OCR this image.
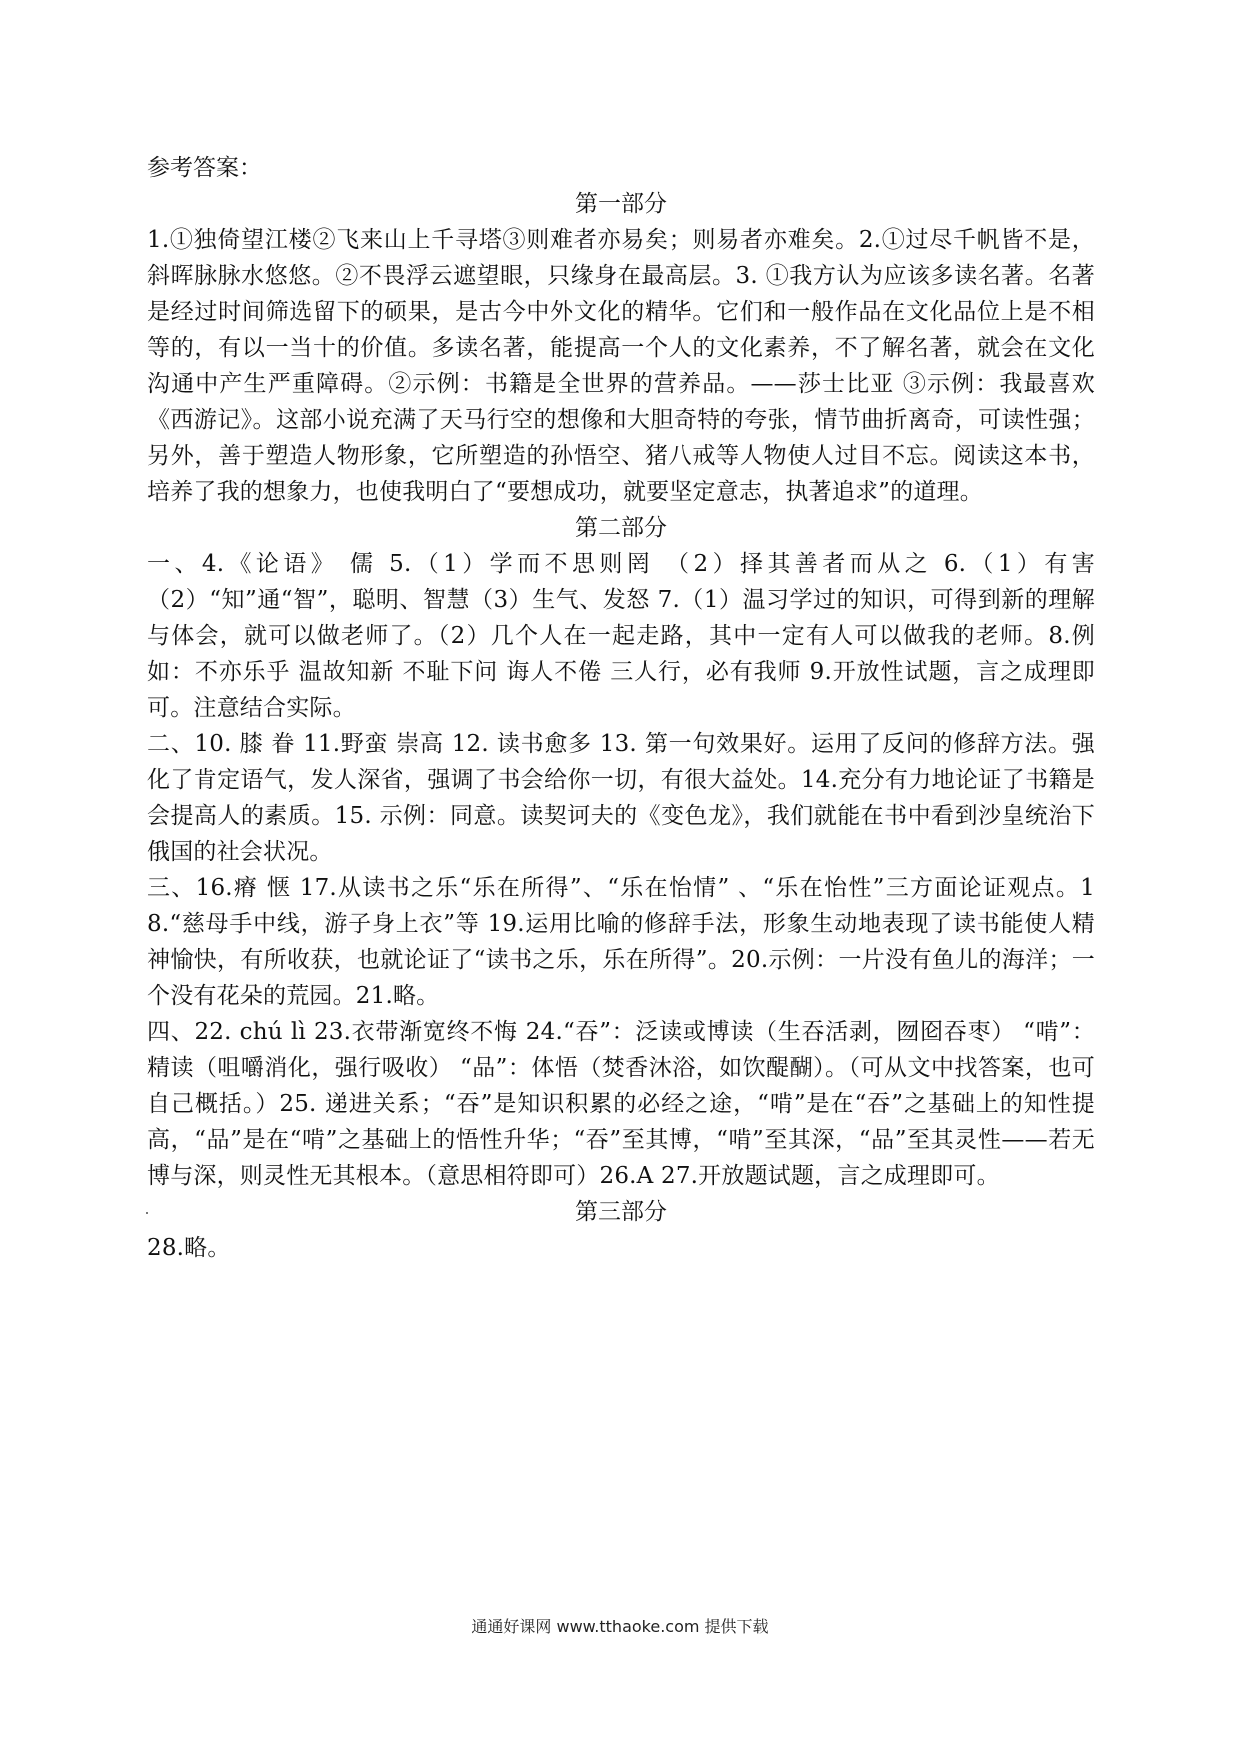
参考答案：

第一部分

1.①独倚望江楼②飞来山上千寻塔③则难者亦易矣；则易者亦难矣。2.①过尽千帆皆不是，斜晖脉脉水悠悠。②不畏浮云遮望眼，只缘身在最高层。3. ①我方认为应该多读名著。名著是经过时间筛选留下的硕果，是古今中外文化的精华。它们和一般作品在文化品位上是不相等的，有以一当十的价值。多读名著，能提高一个人的文化素养，不了解名著，就会在文化沟通中产生严重障碍。②示例：书籍是全世界的营养品。——莎士比亚 ③示例：我最喜欢《西游记》。这部小说充满了天马行空的想像和大胆奇特的夸张，情节曲折离奇，可读性强；另外，善于塑造人物形象，它所塑造的孙悟空、猪八戒等人物使人过目不忘。阅读这本书，培养了我的想象力，也使我明白了“要想成功，就要坚定意志，执著追求”的道理。

第二部分

一、4.《论语》 儒 5.（1）学而不思则罔 （2）择其善者而从之 6.（1）有害（2）“知”通“智”，聪明、智慧（3）生气、发怒 7.（1）温习学过的知识，可得到新的理解与体会，就可以做老师了。（2）几个人在一起走路，其中一定有人可以做我的老师。8.例如：不亦乐乎 温故知新 不耻下问 诲人不倦 三人行，必有我师 9.开放性试题，言之成理即可。注意结合实际。

二、10. 膝 眷 11.野蛮 崇高 12. 读书愈多 13. 第一句效果好。运用了反问的修辞方法。强化了肯定语气，发人深省，强调了书会给你一切，有很大益处。14.充分有力地论证了书籍是会提高人的素质。15. 示例：同意。读契诃夫的《变色龙》，我们就能在书中看到沙皇统治下俄国的社会状况。

三、16.瘠 惬 17.从读书之乐“乐在所得”、“乐在怡情” 、“乐在怡性”三方面论证观点。18.“慈母手中线，游子身上衣”等 19.运用比喻的修辞手法，形象生动地表现了读书能使人精神愉快，有所收获，也就论证了“读书之乐，乐在所得”。20.示例：一片没有鱼儿的海洋；一个没有花朵的荒园。21.略。

四、22. chú lì 23.衣带渐宽终不悔 24.“吞”：泛读或博读（生吞活剥，囫囵吞枣） “啃”：精读（咀嚼消化，强行吸收） “品”：体悟（焚香沐浴，如饮醍醐）。（可从文中找答案，也可自己概括。）25. 递进关系；“吞”是知识积累的必经之途，“啃”是在“吞”之基础上的知性提高，“品”是在“啃”之基础上的悟性升华；“吞”至其博，“啃”至其深，“品”至其灵性——若无博与深，则灵性无其根本。（意思相符即可）26.A 27.开放题试题，言之成理即可。

第三部分

28.略。

通通好课网 www.tthaoke.com 提供下载
